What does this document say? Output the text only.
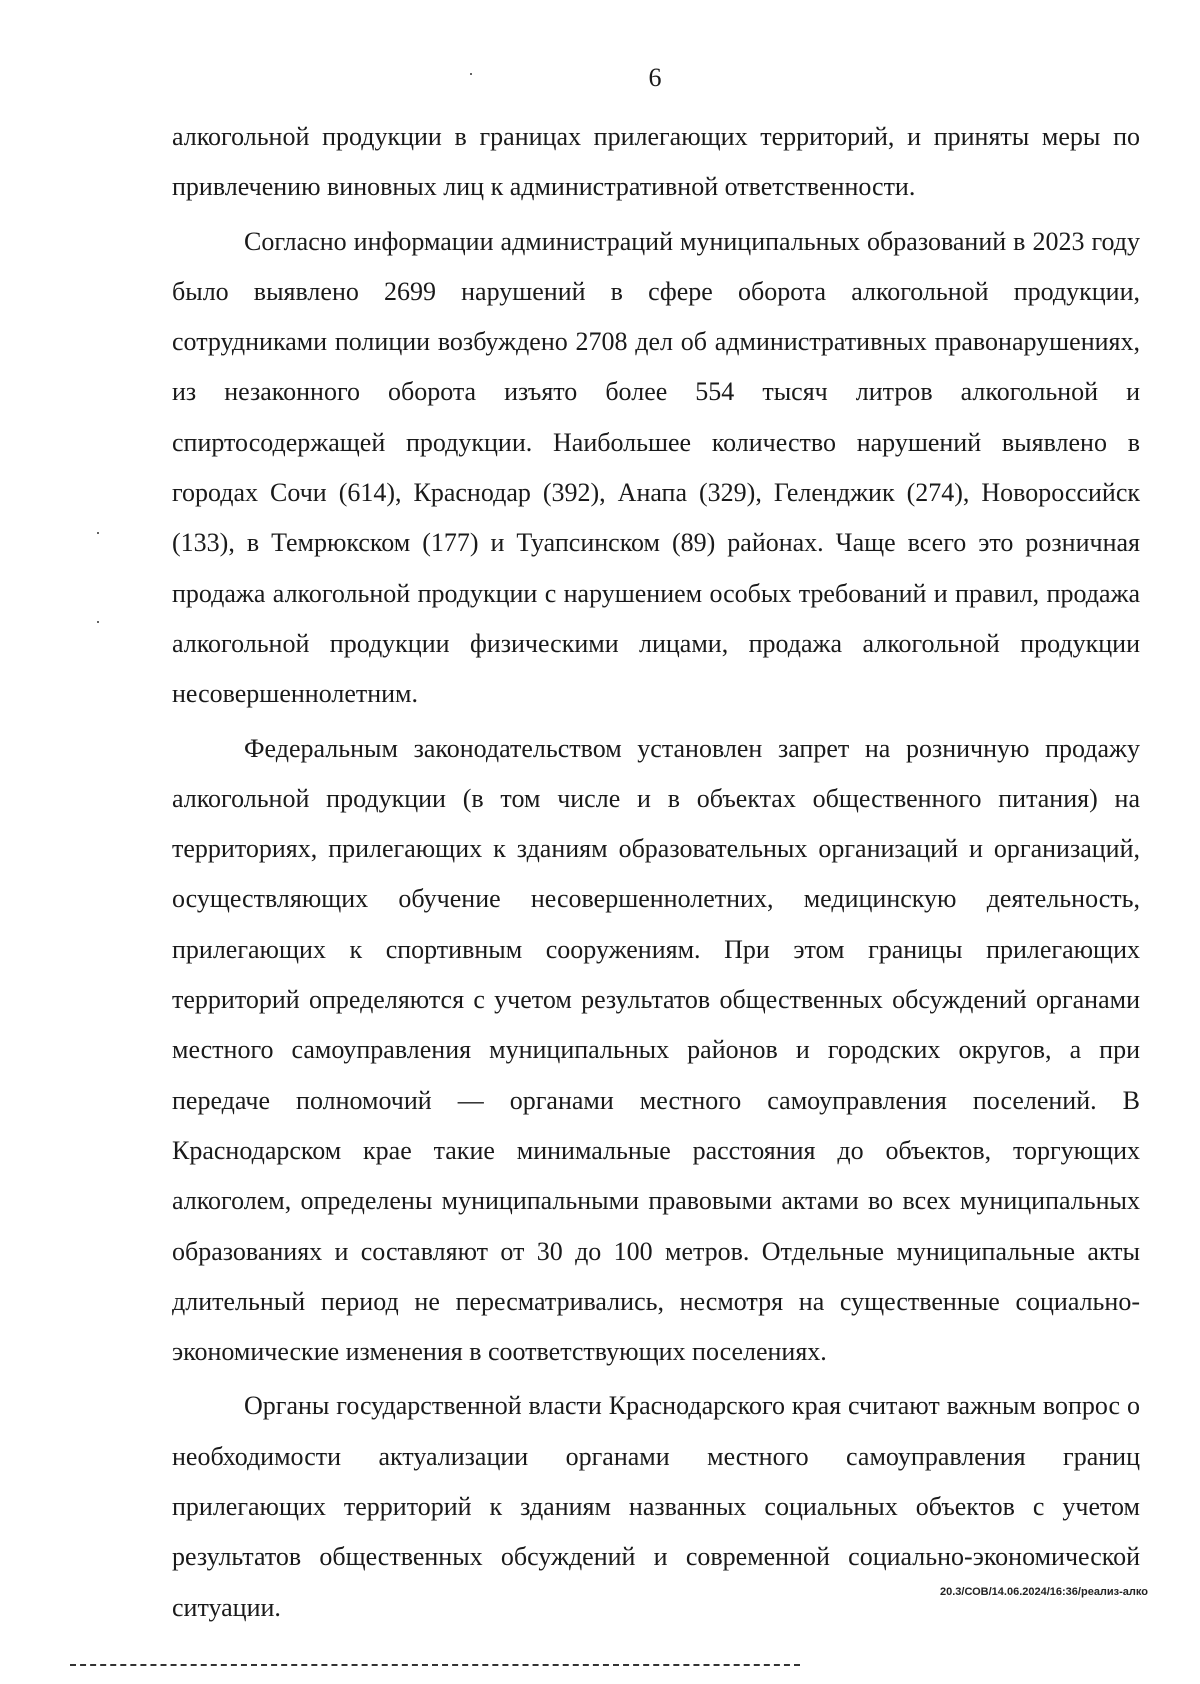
6

алкогольной продукции в границах прилегающих территорий, и приняты меры по привлечению виновных лиц к административной ответственности.

Согласно информации администраций муниципальных образований в 2023 году было выявлено 2699 нарушений в сфере оборота алкогольной продукции, сотрудниками полиции возбуждено 2708 дел об административных правонарушениях, из незаконного оборота изъято более 554 тысяч литров алкогольной и спиртосодержащей продукции. Наибольшее количество нарушений выявлено в городах Сочи (614), Краснодар (392), Анапа (329), Геленджик (274), Новороссийск (133), в Темрюкском (177) и Туапсинском (89) районах. Чаще всего это розничная продажа алкогольной продукции с нарушением особых требований и правил, продажа алкогольной продукции физическими лицами, продажа алкогольной продукции несовершеннолетним.

Федеральным законодательством установлен запрет на розничную продажу алкогольной продукции (в том числе и в объектах общественного питания) на территориях, прилегающих к зданиям образовательных организаций и организаций, осуществляющих обучение несовершеннолетних, медицинскую деятельность, прилегающих к спортивным сооружениям. При этом границы прилегающих территорий определяются с учетом результатов общественных обсуждений органами местного самоуправления муниципальных районов и городских округов, а при передаче полномочий — органами местного самоуправления поселений. В Краснодарском крае такие минимальные расстояния до объектов, торгующих алкоголем, определены муниципальными правовыми актами во всех муниципальных образованиях и составляют от 30 до 100 метров. Отдельные муниципальные акты длительный период не пересматривались, несмотря на существенные социально-экономические изменения в соответствующих поселениях.

Органы государственной власти Краснодарского края считают важным вопрос о необходимости актуализации органами местного самоуправления границ прилегающих территорий к зданиям названных социальных объектов с учетом результатов общественных обсуждений и современной социально-экономической ситуации.

20.3/СОВ/14.06.2024/16:36/реализ-алко
